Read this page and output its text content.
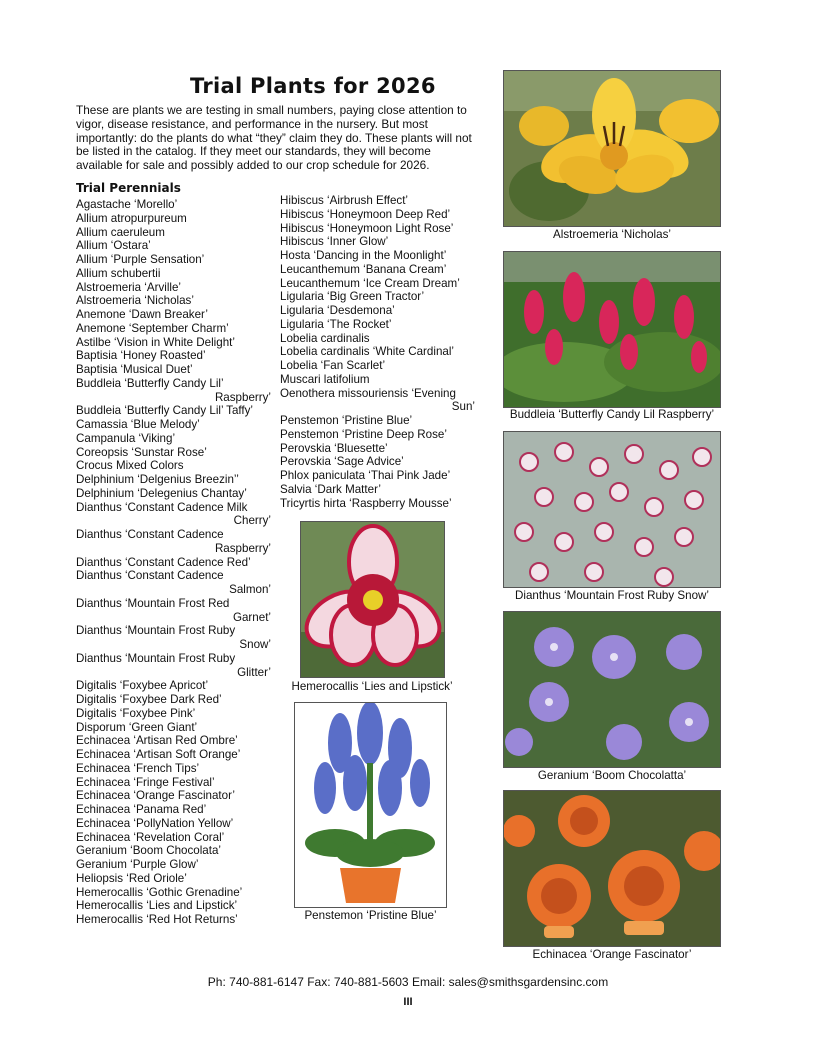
Trial Plants for 2026
These are plants we are testing in small numbers, paying close attention to vigor, disease resistance, and performance in the nursery. But most importantly: do the plants do what “they” claim they do. These plants will not be listed in the catalog. If they meet our standards, they will become available for sale and possibly added to our crop schedule for 2026.
Trial Perennials
Agastache ‘Morello’
Allium atropurpureum
Allium caeruleum
Allium ‘Ostara’
Allium ‘Purple Sensation’
Allium schubertii
Alstroemeria ‘Arville’
Alstroemeria ‘Nicholas’
Anemone ‘Dawn Breaker’
Anemone ‘September Charm’
Astilbe ‘Vision in White Delight’
Baptisia ‘Honey Roasted’
Baptisia ‘Musical Duet’
Buddleia ‘Butterfly Candy Lil’
Raspberry’
Buddleia ‘Butterfly Candy Lil’ Taffy’
Camassia ‘Blue Melody’
Campanula ‘Viking’
Coreopsis ‘Sunstar Rose’
Crocus Mixed Colors
Delphinium ‘Delgenius Breezin’’
Delphinium ‘Delegenius Chantay’
Dianthus ‘Constant Cadence Milk
Cherry’
Dianthus ‘Constant Cadence
Raspberry’
Dianthus ‘Constant Cadence Red’
Dianthus ‘Constant Cadence
Salmon’
Dianthus ‘Mountain Frost Red
Garnet’
Dianthus ‘Mountain Frost Ruby
Snow’
Dianthus ‘Mountain Frost Ruby
Glitter’
Digitalis ‘Foxybee Apricot’
Digitalis ‘Foxybee Dark Red’
Digitalis ‘Foxybee Pink’
Disporum ‘Green Giant’
Echinacea ‘Artisan Red Ombre’
Echinacea ‘Artisan Soft Orange’
Echinacea ‘French Tips’
Echinacea ‘Fringe Festival’
Echinacea ‘Orange Fascinator’
Echinacea ‘Panama Red’
Echinacea ‘PollyNation Yellow’
Echinacea ‘Revelation Coral’
Geranium ‘Boom Chocolata’
Geranium ‘Purple Glow’
Heliopsis ‘Red Oriole’
Hemerocallis ‘Gothic Grenadine’
Hemerocallis ‘Lies and Lipstick’
Hemerocallis ‘Red Hot Returns’
Hibiscus ‘Airbrush Effect’
Hibiscus ‘Honeymoon Deep Red’
Hibiscus ‘Honeymoon Light Rose’
Hibiscus ‘Inner Glow’
Hosta ‘Dancing in the Moonlight’
Leucanthemum ‘Banana Cream’
Leucanthemum ‘Ice Cream Dream’
Ligularia ‘Big Green Tractor’
Ligularia ‘Desdemona’
Ligularia ‘The Rocket’
Lobelia cardinalis
Lobelia cardinalis ‘White Cardinal’
Lobelia ‘Fan Scarlet’
Muscari latifolium
Oenothera missouriensis ‘Evening
Sun’
Penstemon ‘Pristine Blue’
Penstemon ‘Pristine Deep Rose’
Perovskia ‘Bluesette’
Perovskia ‘Sage Advice’
Phlox paniculata ‘Thai Pink Jade’
Salvia ‘Dark Matter’
Tricyrtis hirta ‘Raspberry Mousse’
Alstroemeria ‘Nicholas’
Buddleia ‘Butterfly Candy Lil Raspberry’
Dianthus ‘Mountain Frost Ruby Snow’
Geranium ‘Boom Chocolatta’
Echinacea ‘Orange Fascinator’
Hemerocallis ‘Lies and Lipstick’
Penstemon ‘Pristine Blue’
Ph: 740-881-6147 Fax: 740-881-5603 Email: sales@smithsgardensinc.com
III
